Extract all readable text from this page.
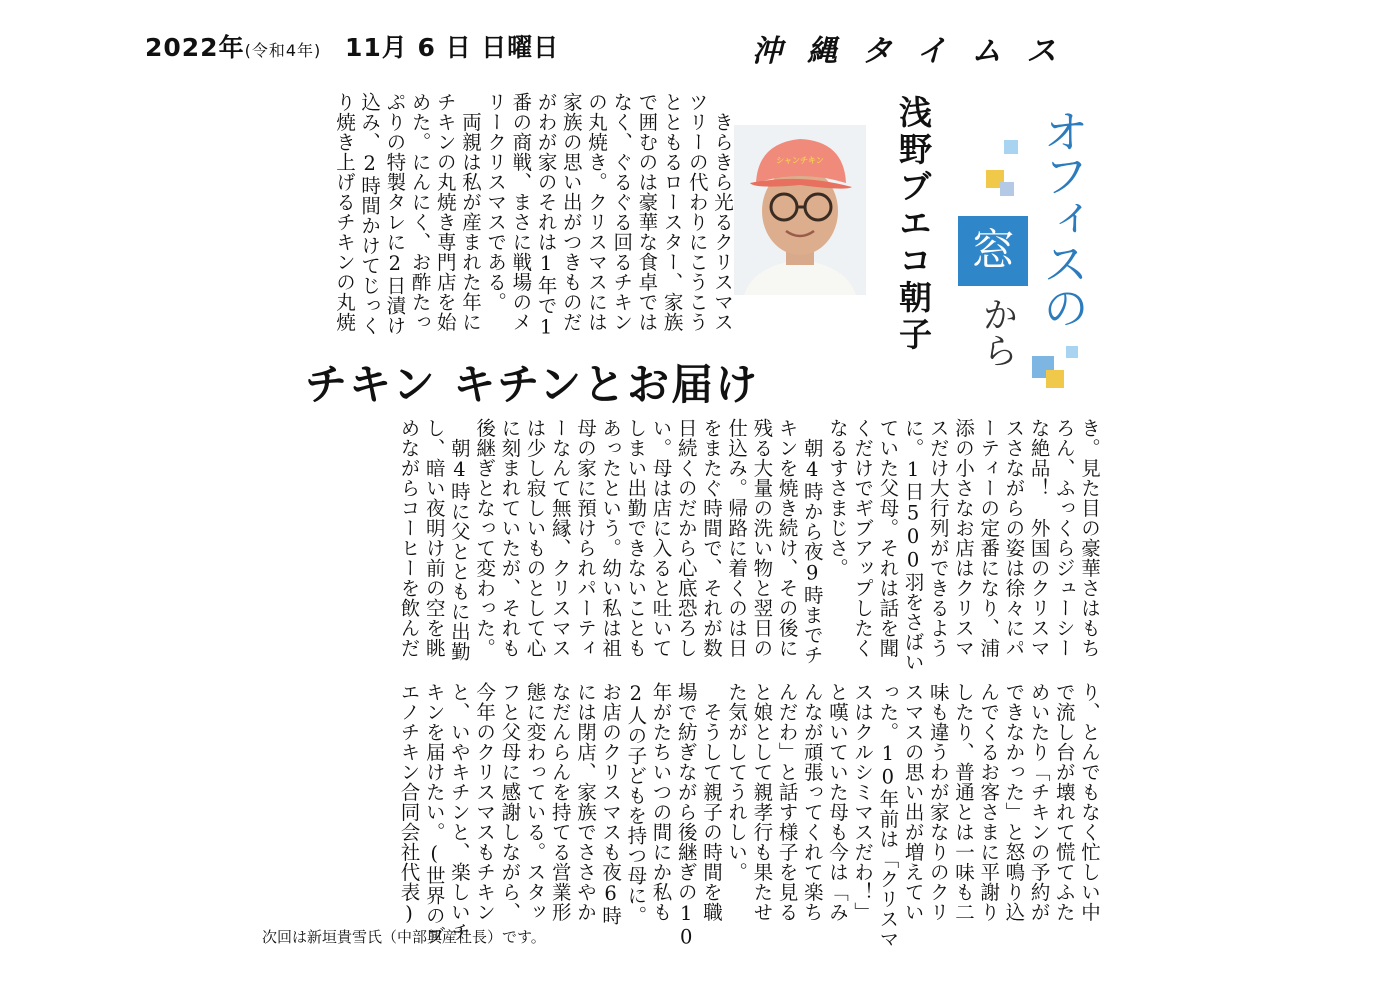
2022年(令和4年) 11月 6 日 日曜日	沖縄タイムス
オフィスの
窓
から
浅野ブエコ朝子
シャンチキン
　きらきら光るクリスマス
ツリーの代わりにこうこう
とともるロースター、家族
で囲むのは豪華な食卓では
なく、ぐるぐる回るチキン
の丸焼き。クリスマスには
家族の思い出がつきものだ
がわが家のそれは1年で1
番の商戦、まさに戦場のメ
リークリスマスである。
　両親は私が産まれた年に
チキンの丸焼き専門店を始
めた。にんにく、お酢たっ
ぷりの特製タレに2日漬け
込み、2時間かけてじっく
り焼き上げるチキンの丸焼
チキン キチンとお届け
き。見た目の豪華さはもち
ろん、ふっくらジューシー
な絶品！　外国のクリスマ
スさながらの姿は徐々にパ
ーティーの定番になり、浦
添の小さなお店はクリスマ
スだけ大行列ができるよう
に。1日500羽をさばい
ていた父母。それは話を聞
くだけでギブアップしたく
なるすさまじさ。
　朝4時から夜9時までチ
キンを焼き続け、その後に
残る大量の洗い物と翌日の
仕込み。帰路に着くのは日
をまたぐ時間で、それが数
日続くのだから心底恐ろし
い。母は店に入ると吐いて
しまい出勤できないことも
あったという。幼い私は祖
母の家に預けられパーティ
ーなんて無縁、クリスマス
は少し寂しいものとして心
に刻まれていたが、それも
後継ぎとなって変わった。
　朝4時に父とともに出勤
し、暗い夜明け前の空を眺
めながらコーヒーを飲んだ
り、とんでもなく忙しい中
で流し台が壊れて慌てふた
めいたり「チキンの予約が
できなかった」と怒鳴り込
んでくるお客さまに平謝り
したり、普通とは一味も二
味も違うわが家なりのクリ
スマスの思い出が増えてい
った。10年前は「クリスマ
スはクルシミマスだわ！」
と嘆いていた母も今は「み
んなが頑張ってくれて楽ち
んだわ」と話す様子を見る
と娘として親孝行も果たせ
た気がしてうれしい。
　そうして親子の時間を職
場で紡ぎながら後継ぎの10
年がたちいつの間にか私も
2人の子どもを持つ母に。
お店のクリスマスも夜6時
には閉店、家族でささやか
なだんらんを持てる営業形
態に変わっている。スタッ
フと父母に感謝しながら、
今年のクリスマスもチキン
と、いやキチンと、楽しいチ
キンを届けたい。(世界のブ
エノチキン合同会社代表)
次回は新垣貴雪氏（中部興産社長）です。
